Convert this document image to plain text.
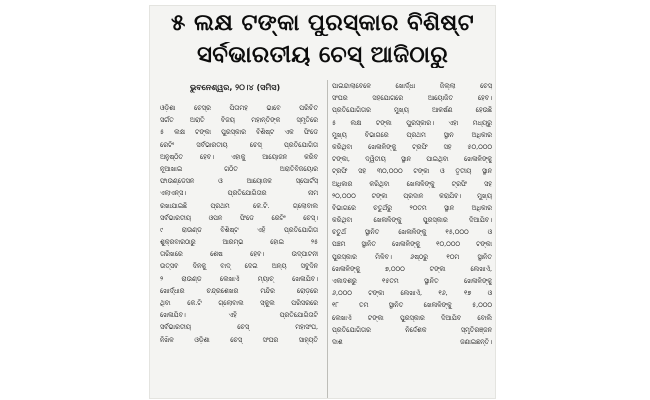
୫ ଲକ୍ଷ ଟଙ୍କା ପୁରସ୍କାର ବିଶିଷ୍ଟ
ସର୍ବଭାରତୀୟ ଚେସ୍ ଆଜିଠାରୁ
ଭୁବନେଶ୍ୱର, ୨୦।୪ (ସମିସ)
ଓଡ଼ିଶା ଚେସ୍‌ର ପିତାମହ ଭାବେ ପରିଚିତ
ସର୍ଗତ ଅରାତି ବିଜୟ ମହାନ୍ତିଙ୍କ ସ୍ମୃତିରେ
୫ ଲକ୍ଷ ଟଙ୍କା ପୁରସ୍କାର ବିଶିଷ୍ଟ ଏକ ଫିଡେ
ରେଟିଂ ସର୍ବଭାରତୀୟ ଚେସ୍ ପ୍ରତିଯୋଗିତା
ଅନୁଷ୍ଠିତ ହେବ। ଏହାକୁ ଆୟୋଜନ କରିବ
ନୂଆଖାଇ ଗଠିତ ଅରାତିବିଜୟୋର
ଫାଉଣ୍ଡେସନ ଓ ଆୟୋଜକ ସ୍ପୋର୍ଟସ୍
ଏଲାଏନ୍‌ସ। ପ୍ରତିଯୋଗିତାର ନାମ
ରଖାଯାଇଛି ପ୍ରଥମ କେ.ଟି. ଗ୍ଲୋବାଲ
ସର୍ବଭାରତୀୟ ଓପନ ଫିଡେ ରେଟିଂ ଚେସ୍।
୯ ରାଉଣ୍ଡ ବିଶିଷ୍ଟ ଏହି ପ୍ରତିଯୋଗିତା
ଶୁକ୍ରବାରଠାରୁ ଆରମ୍ଭ ହୋଇ ୨୫
ତାରିଖରେ ଶେଷ ହେବ। ଉଦ୍‌ଘାଟନୀ
ଉତ୍ସବ ଦିନକୁ ବାଦ୍ ଦେଇ ଅନ୍ୟ ସବୁଦିନ
୨ ରାଉଣ୍ଡ ଲେଖାଏଁ ମ୍ୟାଚ୍ ଖେଳାଯିବ।
ଖୋର୍ଦ୍ଧାର ଚନ୍ଦ୍ରଶେଖର ମନ୍ଦିର ରୋଡ଼ରେ
ଥିବା କେ.ଟି ଗ୍ଲୋବାଲ ସ୍କୁଲ ପରିସରରେ
ଖେଳାଯିବ। ଏହି ପ୍ରତିଯୋଗିତାଟି
ସର୍ବଭାରତୀୟ ଚେସ୍ ମହାସଂଘ,
ନିଖିଳ ଓଡ଼ିଶା ଚେସ୍ ସଂଘର ସାହ୍ୟତି
ପାଇନ୍ଦାଲାବେଳେ ଖୋର୍ଦ୍ଧା ଜିଲ୍ଲା ଚେସ୍
ସଂଘର ସହଯୋଗରେ ଆୟୋଜିତ ହେବ।
ପ୍ରତିଯୋଗିତାର ମୁଖ୍ୟ ଆକର୍ଷଣ ହେଉଛି
୫ ଲକ୍ଷ ଟଙ୍କା ପୁରସ୍କାର। ଏହା ମଧ୍ୟରୁ
ମୁଖ୍ୟ ବିଭାଗରେ ପ୍ରଥମ ସ୍ଥାନ ଅଧିକାର
କରିଥିବା ଖେଳାଳିଙ୍କୁ ଟ୍ରଫି ସହ ୫୦,୦୦୦
ଟଙ୍କା, ଦ୍ୱିତୀୟ ସ୍ଥାନ ପାଇଥିବା ଖେଳାଳିଙ୍କୁ
ଟ୍ରଫି ସହ ୩୦,୦୦୦ ଟଙ୍କା ଓ ତୃତୀୟ ସ୍ଥାନ
ଅଧିକାର କରିଥିବା ଖେଳାଳିଙ୍କୁ ଟ୍ରଫି ସହ
୨୦,୦୦୦ ଟଙ୍କା ପ୍ରଦାନ କରାଯିବ। ମୁଖ୍ୟ
ବିଭାଗରେ ଚତୁର୍ଥରୁ ୨୦ତମ ସ୍ଥାନ ଅଧିକାର
କରିଥିବା ଖେଳାଳିଙ୍କୁ ପୁରସ୍କାର ଦିଆଯିବ।
ଚତୁର୍ଥ ସ୍ଥାନିତ ଖେଳାଳିଙ୍କୁ ୧୫,୦୦୦ ଓ
ପଞ୍ଚମ ସ୍ଥାନିତ ଖେଳାଳିଙ୍କୁ ୧୦,୦୦୦ ଟଙ୍କା
ପୁରସ୍କାର ମିଳିବ। ୬ଷ୍ଠରୁ ୧୦ମ ସ୍ଥାନିତ
ଖେଳାଳିଙ୍କୁ ୭,୦୦୦ ଟଙ୍କା ଲେଖାଏଁ,
ଏକାଦଶରୁ ୧୫ତମ ସ୍ଥାନିତ ଖେଳାଳିଙ୍କୁ
୬,୦୦୦ ଟଙ୍କା ଲେଖାଏଁ, ୧୬, ୧୭ ଓ
୧୮ ତମ ସ୍ଥାନିତ ଖେଳାଳିଙ୍କୁ ୫,୦୦୦
ଲେଖାଏଁ ଟଙ୍କା ପୁରସ୍କାର ଦିଆଯିବ ବୋଲି
ପ୍ରତିଯୋଗିତାର ନିର୍ଦ୍ଦେଶକ ସ୍ମୃତିରଞ୍ଜନ
ଦାଶ ଜଣାଇଛନ୍ତି।
